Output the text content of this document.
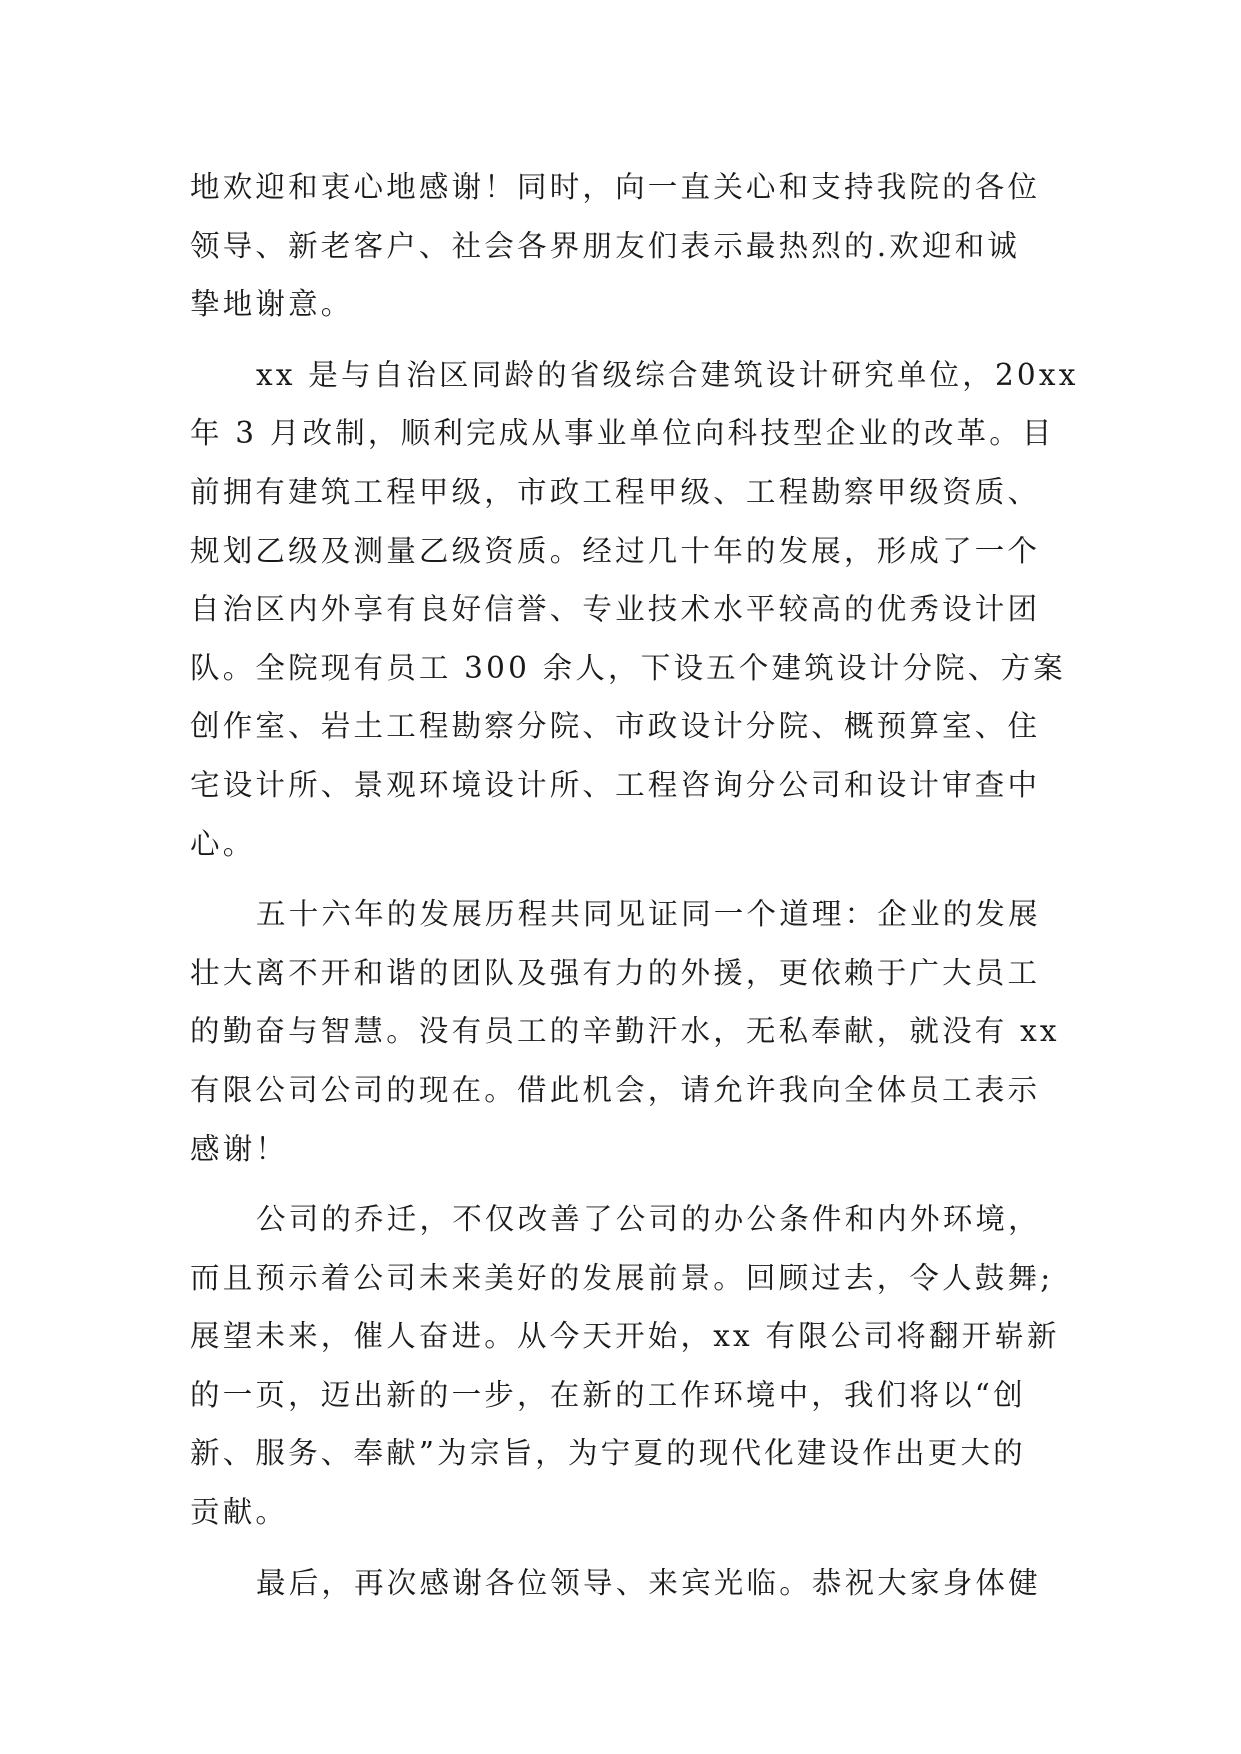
地欢迎和衷心地感谢！同时，向一直关心和支持我院的各位
领导、新老客户、社会各界朋友们表示最热烈的.欢迎和诚
挚地谢意。
xx 是与自治区同龄的省级综合建筑设计研究单位，20xx
年 3 月改制，顺利完成从事业单位向科技型企业的改革。目
前拥有建筑工程甲级，市政工程甲级、工程勘察甲级资质、
规划乙级及测量乙级资质。经过几十年的发展，形成了一个
自治区内外享有良好信誉、专业技术水平较高的优秀设计团
队。全院现有员工 300 余人，下设五个建筑设计分院、方案
创作室、岩土工程勘察分院、市政设计分院、概预算室、住
宅设计所、景观环境设计所、工程咨询分公司和设计审查中
心。
五十六年的发展历程共同见证同一个道理：企业的发展
壮大离不开和谐的团队及强有力的外援，更依赖于广大员工
的勤奋与智慧。没有员工的辛勤汗水，无私奉献，就没有 xx
有限公司公司的现在。借此机会，请允许我向全体员工表示
感谢！
公司的乔迁，不仅改善了公司的办公条件和内外环境，
而且预示着公司未来美好的发展前景。回顾过去，令人鼓舞;
展望未来，催人奋进。从今天开始，xx 有限公司将翻开崭新
的一页，迈出新的一步，在新的工作环境中，我们将以“创
新、服务、奉献”为宗旨，为宁夏的现代化建设作出更大的
贡献。
最后，再次感谢各位领导、来宾光临。恭祝大家身体健
